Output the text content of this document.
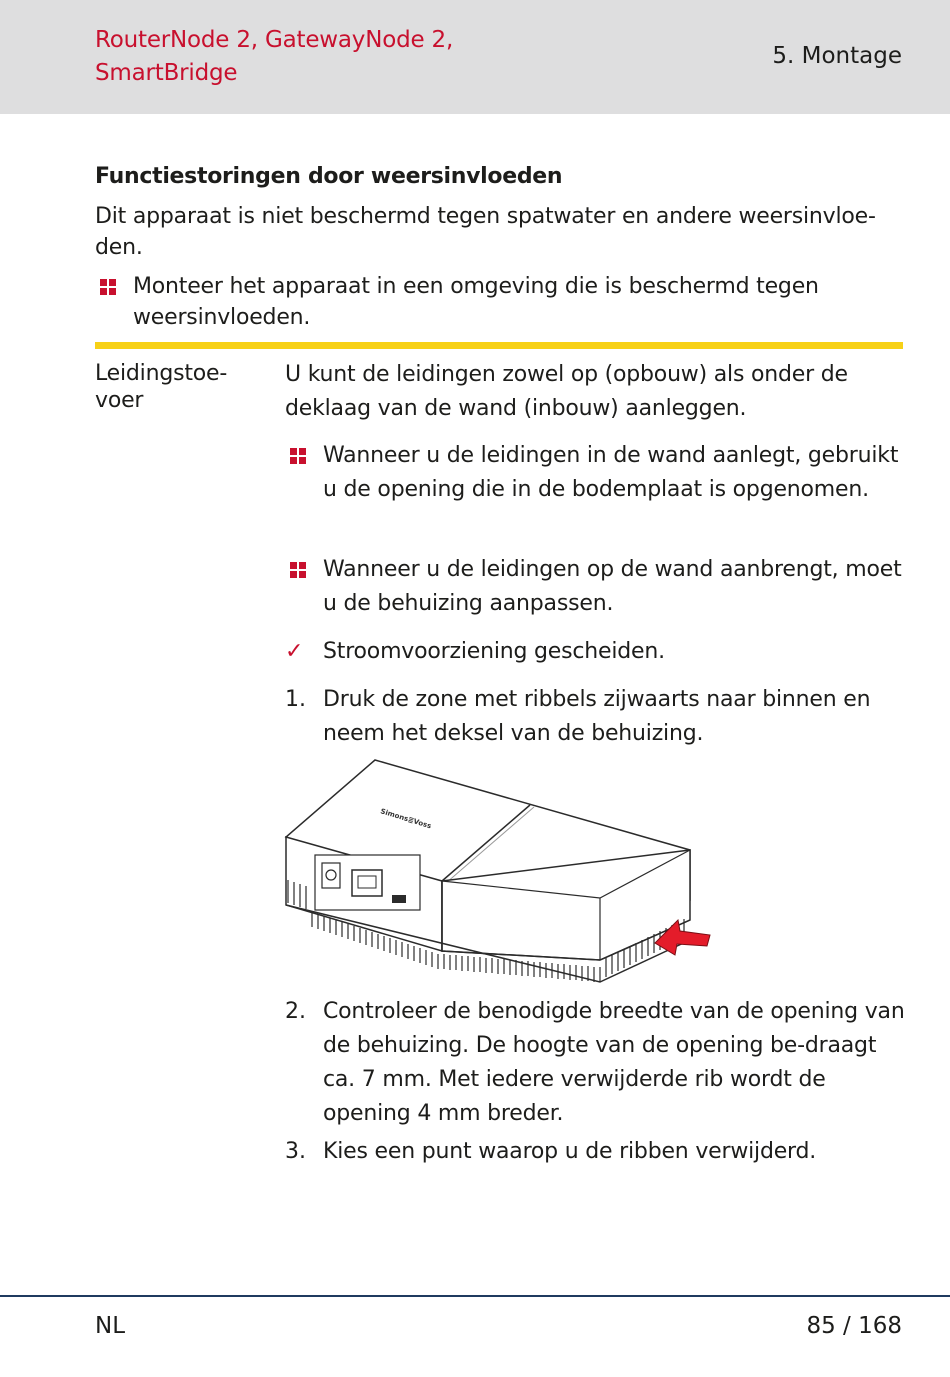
RouterNode 2, GatewayNode 2,
SmartBridge
5. Montage
Functiestoringen door weersinvloeden
Dit apparaat is niet beschermd tegen spatwater en andere weersinvloe-den.
Monteer het apparaat in een omgeving die is beschermd tegen weersinvloeden.
Leidingstoe-
voer
U kunt de leidingen zowel op (opbouw) als onder de deklaag van de wand (inbouw) aanleggen.
Wanneer u de leidingen in de wand aanlegt, gebruikt u de opening die in de bodemplaat is opgenomen.
Wanneer u de leidingen op de wand aanbrengt, moet u de behuizing aanpassen.
✓ Stroomvoorziening gescheiden.
1. Druk de zone met ribbels zijwaarts naar binnen en neem het deksel van de behuizing.
Simons≣Voss
2. Controleer de benodigde breedte van de opening van de behuizing. De hoogte van de opening be-draagt ca. 7 mm. Met iedere verwijderde rib wordt de opening 4 mm breder.
3. Kies een punt waarop u de ribben verwijderd.
NL	85 / 168
